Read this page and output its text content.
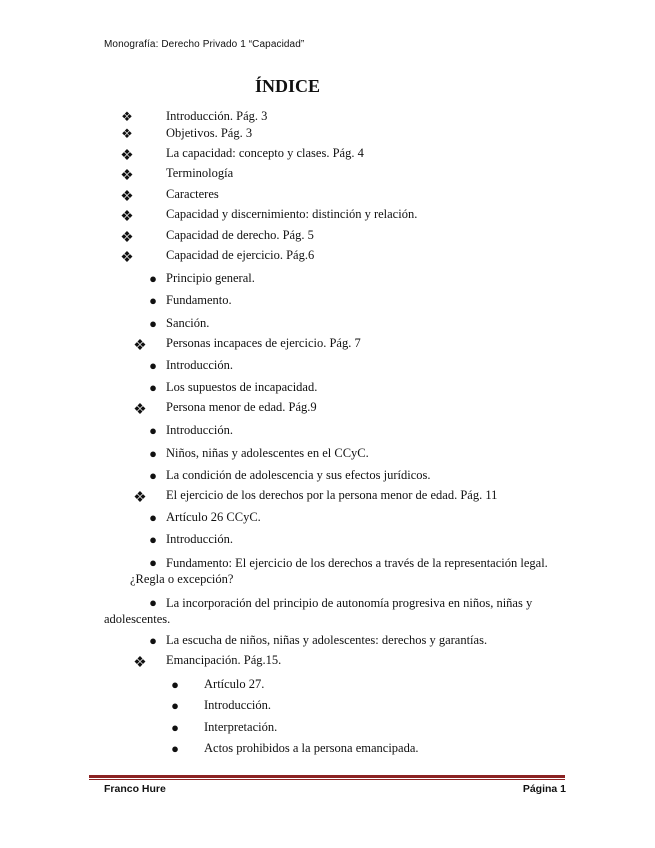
Monografía: Derecho Privado 1 “Capacidad”
ÍNDICE
❖	Introducción. Pág. 3
❖	Objetivos. Pág. 3
❖	La capacidad: concepto y clases. Pág. 4
❖	Terminología
❖	Caracteres
❖	Capacidad y discernimiento: distinción y relación.
❖	Capacidad de derecho. Pág. 5
❖	Capacidad de ejercicio. Pág.6
● Principio general.
● Fundamento.
● Sanción.
❖ Personas incapaces de ejercicio. Pág. 7
● Introducción.
● Los supuestos de incapacidad.
❖ Persona menor de edad. Pág.9
● Introducción.
● Niños, niñas y adolescentes en el CCyC.
● La condición de adolescencia y sus efectos jurídicos.
❖ El ejercicio de los derechos por la persona menor de edad. Pág. 11
● Artículo 26 CCyC.
● Introducción.
● Fundamento: El ejercicio de los derechos a través de la representación legal.
¿Regla o excepción?
● La incorporación del principio de autonomía progresiva en niños, niñas y
adolescentes.
● La escucha de niños, niñas y adolescentes: derechos y garantías.
❖ Emancipación. Pág.15.
● Artículo 27.
● Introducción.
● Interpretación.
● Actos prohibidos a la persona emancipada.
Franco Hure	Página 1
